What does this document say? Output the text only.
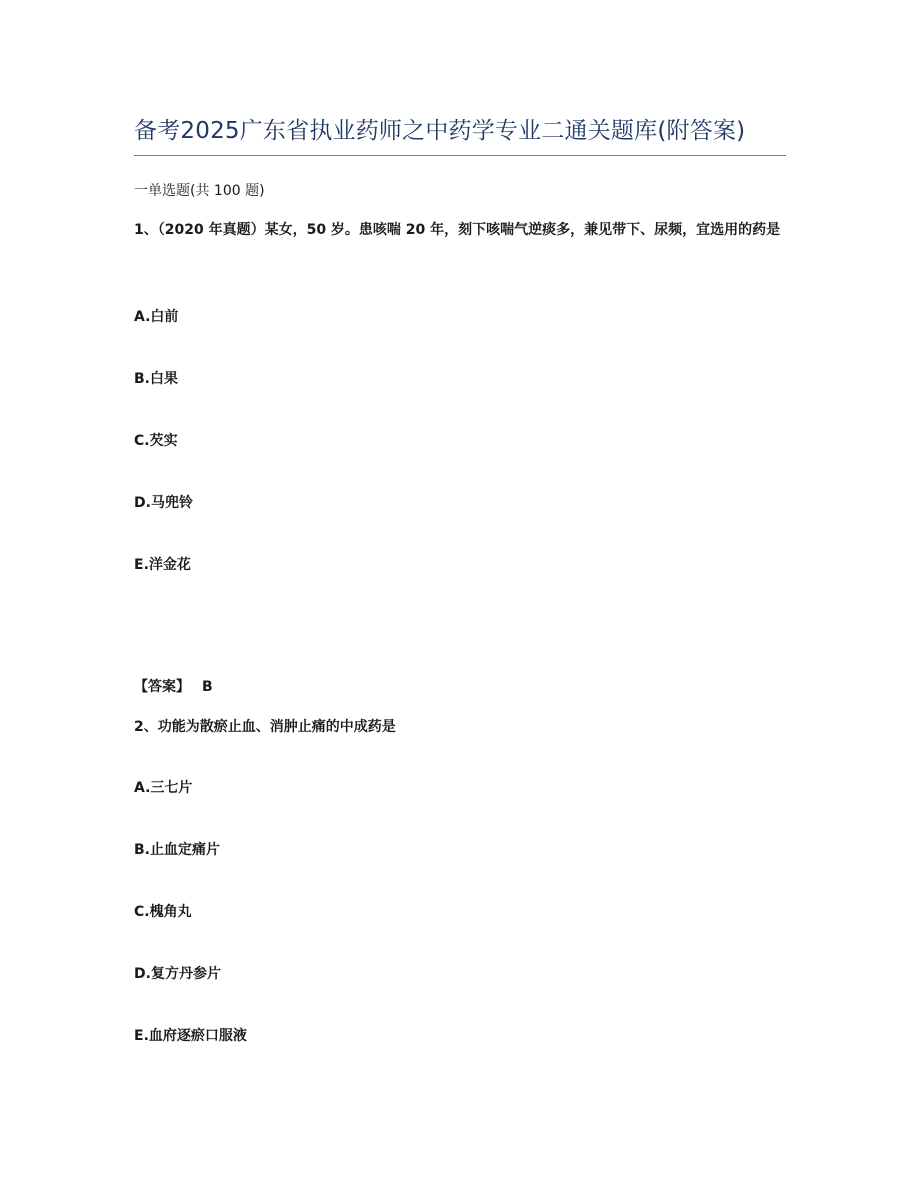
备考2025广东省执业药师之中药学专业二通关题库(附答案)
一单选题(共 100 题)

1、（2020 年真题）某女，50 岁。患咳喘 20 年，刻下咳喘气逆痰多，兼见带下、尿频，宜选用的药是

A.白前
B.白果
C.芡实
D.马兜铃
E.洋金花
【答案】 B

2、功能为散瘀止血、消肿止痛的中成药是

A.三七片
B.止血定痛片
C.槐角丸
D.复方丹参片
E.血府逐瘀口服液
